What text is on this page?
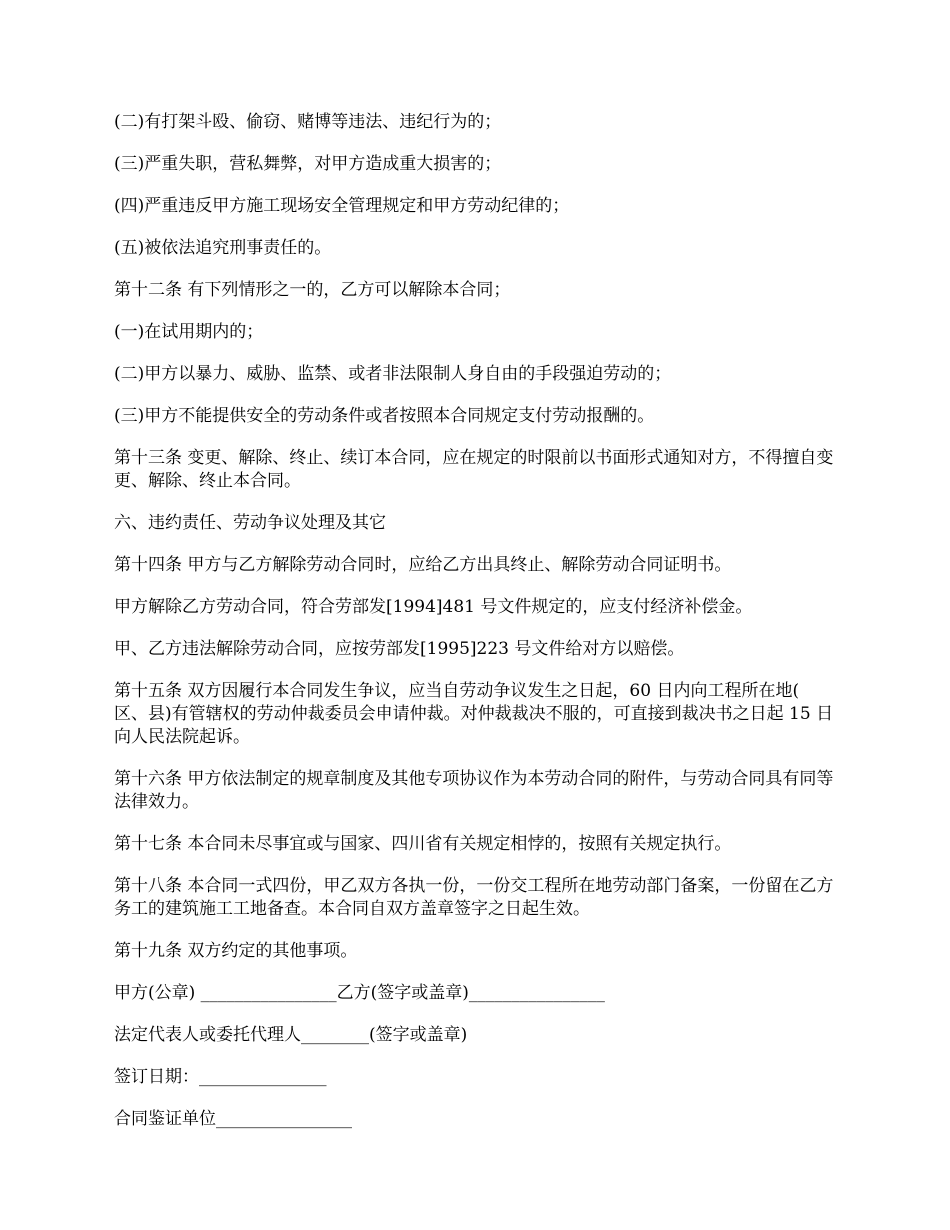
(二)有打架斗殴、偷窃、赌博等违法、违纪行为的；

(三)严重失职，营私舞弊，对甲方造成重大损害的；

(四)严重违反甲方施工现场安全管理规定和甲方劳动纪律的；

(五)被依法追究刑事责任的。

第十二条 有下列情形之一的，乙方可以解除本合同；

(一)在试用期内的；

(二)甲方以暴力、威胁、监禁、或者非法限制人身自由的手段强迫劳动的；

(三)甲方不能提供安全的劳动条件或者按照本合同规定支付劳动报酬的。

第十三条 变更、解除、终止、续订本合同，应在规定的时限前以书面形式通知对方，不得擅自变更、解除、终止本合同。

六、违约责任、劳动争议处理及其它

第十四条 甲方与乙方解除劳动合同时，应给乙方出具终止、解除劳动合同证明书。

甲方解除乙方劳动合同，符合劳部发[1994]481 号文件规定的，应支付经济补偿金。

甲、乙方违法解除劳动合同，应按劳部发[1995]223 号文件给对方以赔偿。

第十五条 双方因履行本合同发生争议，应当自劳动争议发生之日起，60 日内向工程所在地( 区、县)有管辖权的劳动仲裁委员会申请仲裁。对仲裁裁决不服的，可直接到裁决书之日起 15 日向人民法院起诉。

第十六条 甲方依法制定的规章制度及其他专项协议作为本劳动合同的附件，与劳动合同具有同等法律效力。

第十七条 本合同未尽事宜或与国家、四川省有关规定相悖的，按照有关规定执行。

第十八条 本合同一式四份，甲乙双方各执一份，一份交工程所在地劳动部门备案，一份留在乙方务工的建筑施工工地备查。本合同自双方盖章签字之日起生效。

第十九条 双方约定的其他事项。

甲方(公章) ________________乙方(签字或盖章)________________

法定代表人或委托代理人________(签字或盖章)

签订日期：_______________

合同鉴证单位________________
